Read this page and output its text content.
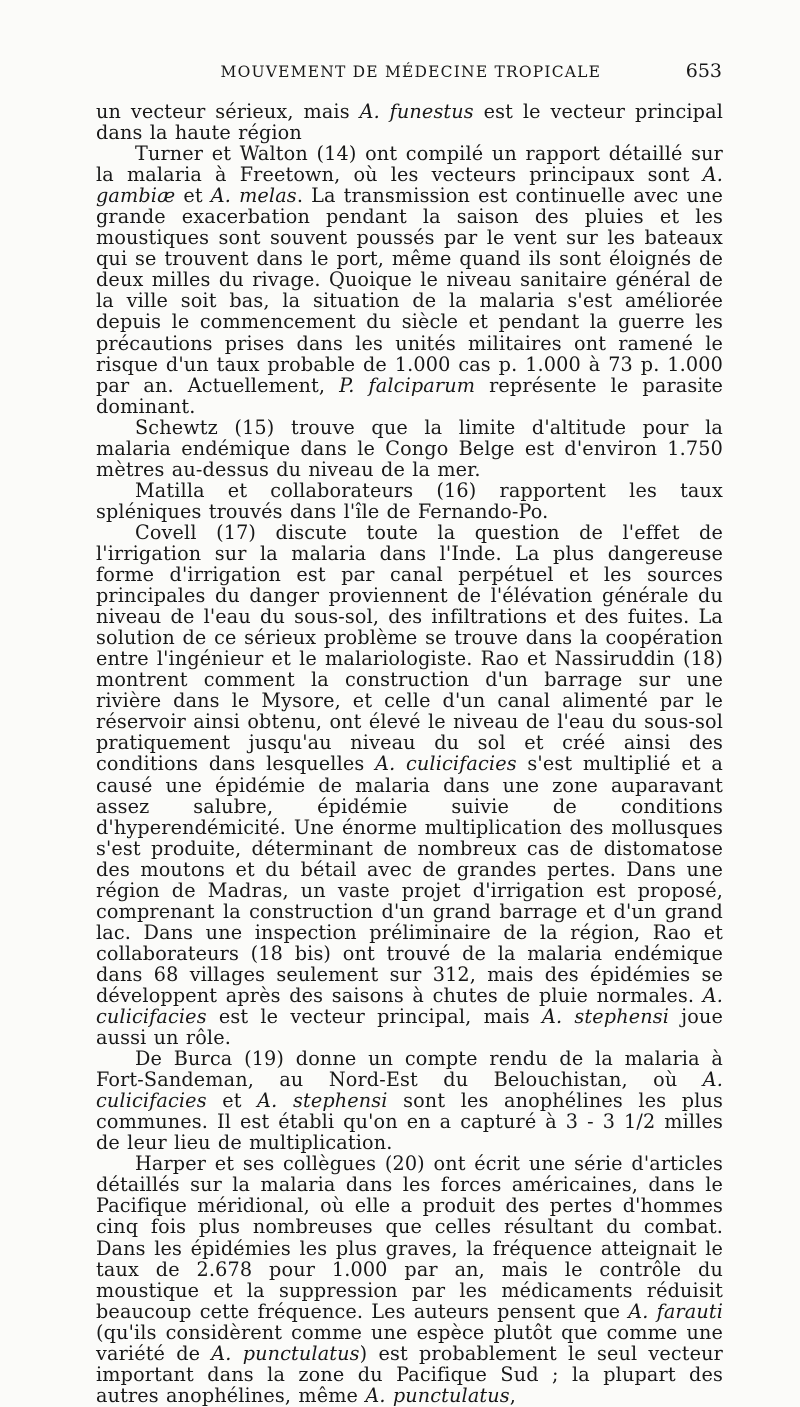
MOUVEMENT DE MÉDECINE TROPICALE	653

un vecteur sérieux, mais A. funestus est le vecteur principal dans la haute région

Turner et Walton (14) ont compilé un rapport détaillé sur la malaria à Freetown, où les vecteurs principaux sont A. gambiæ et A. melas. La transmission est continuelle avec une grande exacerbation pendant la saison des pluies et les moustiques sont souvent poussés par le vent sur les bateaux qui se trouvent dans le port, même quand ils sont éloignés de deux milles du rivage. Quoique le niveau sanitaire général de la ville soit bas, la situation de la malaria s'est améliorée depuis le commencement du siècle et pendant la guerre les précautions prises dans les unités militaires ont ramené le risque d'un taux probable de 1.000 cas p. 1.000 à 73 p. 1.000 par an. Actuellement, P. falciparum représente le parasite dominant.

Schewtz (15) trouve que la limite d'altitude pour la malaria endémique dans le Congo Belge est d'environ 1.750 mètres au-dessus du niveau de la mer.

Matilla et collaborateurs (16) rapportent les taux spléniques trouvés dans l'île de Fernando-Po.

Covell (17) discute toute la question de l'effet de l'irrigation sur la malaria dans l'Inde. La plus dangereuse forme d'irrigation est par canal perpétuel et les sources principales du danger proviennent de l'élévation générale du niveau de l'eau du sous-sol, des infiltrations et des fuites. La solution de ce sérieux problème se trouve dans la coopération entre l'ingénieur et le malariologiste. Rao et Nassiruddin (18) montrent comment la construction d'un barrage sur une rivière dans le Mysore, et celle d'un canal alimenté par le réservoir ainsi obtenu, ont élevé le niveau de l'eau du sous-sol pratiquement jusqu'au niveau du sol et créé ainsi des conditions dans lesquelles A. culicifacies s'est multiplié et a causé une épidémie de malaria dans une zone auparavant assez salubre, épidémie suivie de conditions d'hyperendémicité. Une énorme multiplication des mollusques s'est produite, déterminant de nombreux cas de distomatose des moutons et du bétail avec de grandes pertes. Dans une région de Madras, un vaste projet d'irrigation est proposé, comprenant la construction d'un grand barrage et d'un grand lac. Dans une inspection préliminaire de la région, Rao et collaborateurs (18 bis) ont trouvé de la malaria endémique dans 68 villages seulement sur 312, mais des épidémies se développent après des saisons à chutes de pluie normales. A. culicifacies est le vecteur principal, mais A. stephensi joue aussi un rôle.

De Burca (19) donne un compte rendu de la malaria à Fort-Sandeman, au Nord-Est du Belouchistan, où A. culicifacies et A. stephensi sont les anophélines les plus communes. Il est établi qu'on en a capturé à 3 - 3 1/2 milles de leur lieu de multiplication.

Harper et ses collègues (20) ont écrit une série d'articles détaillés sur la malaria dans les forces américaines, dans le Pacifique méridional, où elle a produit des pertes d'hommes cinq fois plus nombreuses que celles résultant du combat. Dans les épidémies les plus graves, la fréquence atteignait le taux de 2.678 pour 1.000 par an, mais le contrôle du moustique et la suppression par les médicaments réduisit beaucoup cette fréquence. Les auteurs pensent que A. farauti (qu'ils considèrent comme une espèce plutôt que comme une variété de A. punctulatus) est probablement le seul vecteur important dans la zone du Pacifique Sud ; la plupart des autres anophélines, même A. punctulatus,
